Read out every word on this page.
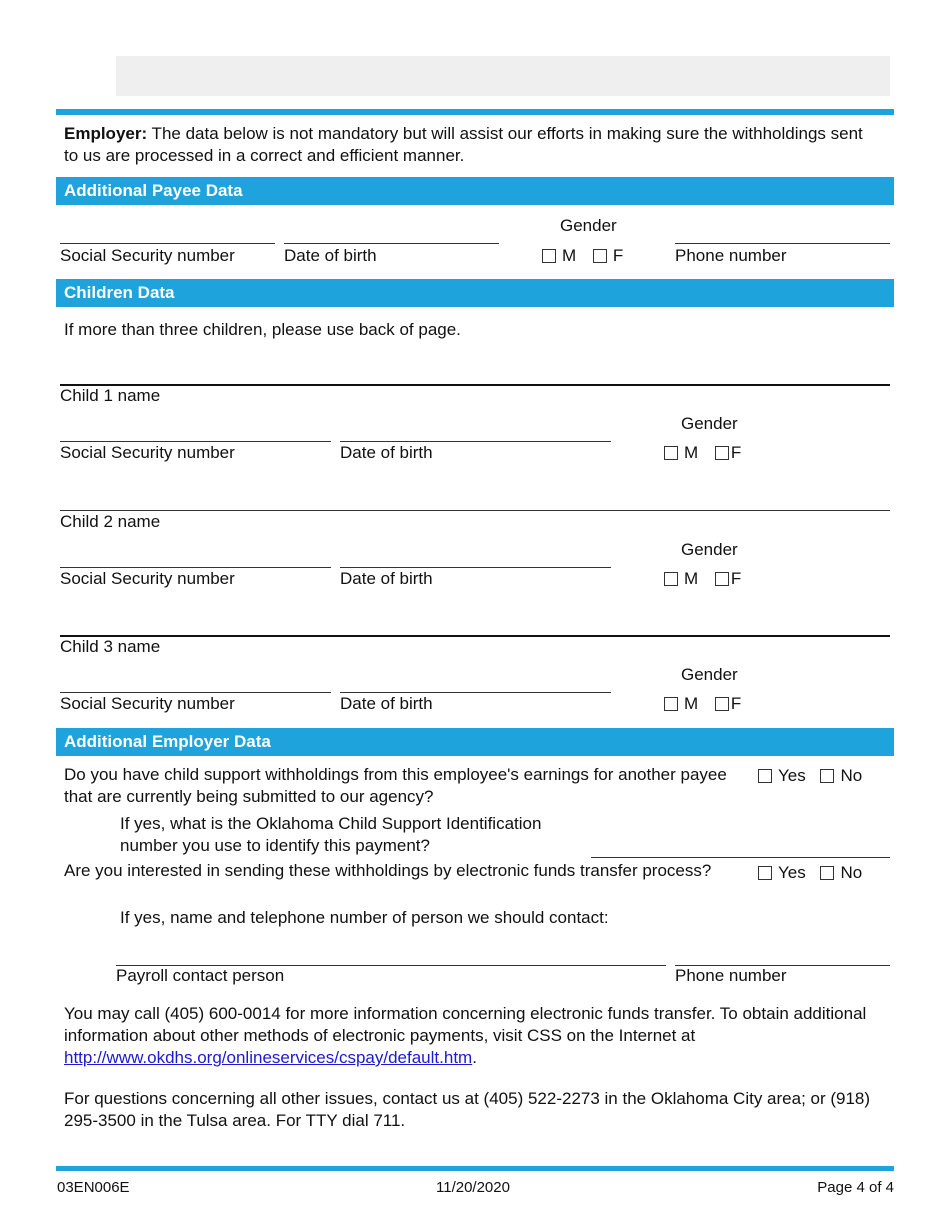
Employer: The data below is not mandatory but will assist our efforts in making sure the withholdings sent to us are processed in a correct and efficient manner.
Additional Payee Data
Gender
Social Security number	Date of birth	M F	Phone number
Children Data
If more than three children, please use back of page.
Child 1 name
Gender
Social Security number	Date of birth	M F
Child 2 name
Gender
Social Security number	Date of birth	M F
Child 3 name
Gender
Social Security number	Date of birth	M F
Additional Employer Data
Do you have child support withholdings from this employee's earnings for another payee that are currently being submitted to our agency?
Yes No
If yes, what is the Oklahoma Child Support Identification number you use to identify this payment?
Are you interested in sending these withholdings by electronic funds transfer process?	Yes No
If yes, name and telephone number of person we should contact:
Payroll contact person	Phone number
You may call (405) 600-0014 for more information concerning electronic funds transfer. To obtain additional information about other methods of electronic payments, visit CSS on the Internet at http://www.okdhs.org/onlineservices/cspay/default.htm.
For questions concerning all other issues, contact us at (405) 522-2273 in the Oklahoma City area; or (918) 295-3500 in the Tulsa area. For TTY dial 711.
03EN006E	11/20/2020	Page 4 of 4
